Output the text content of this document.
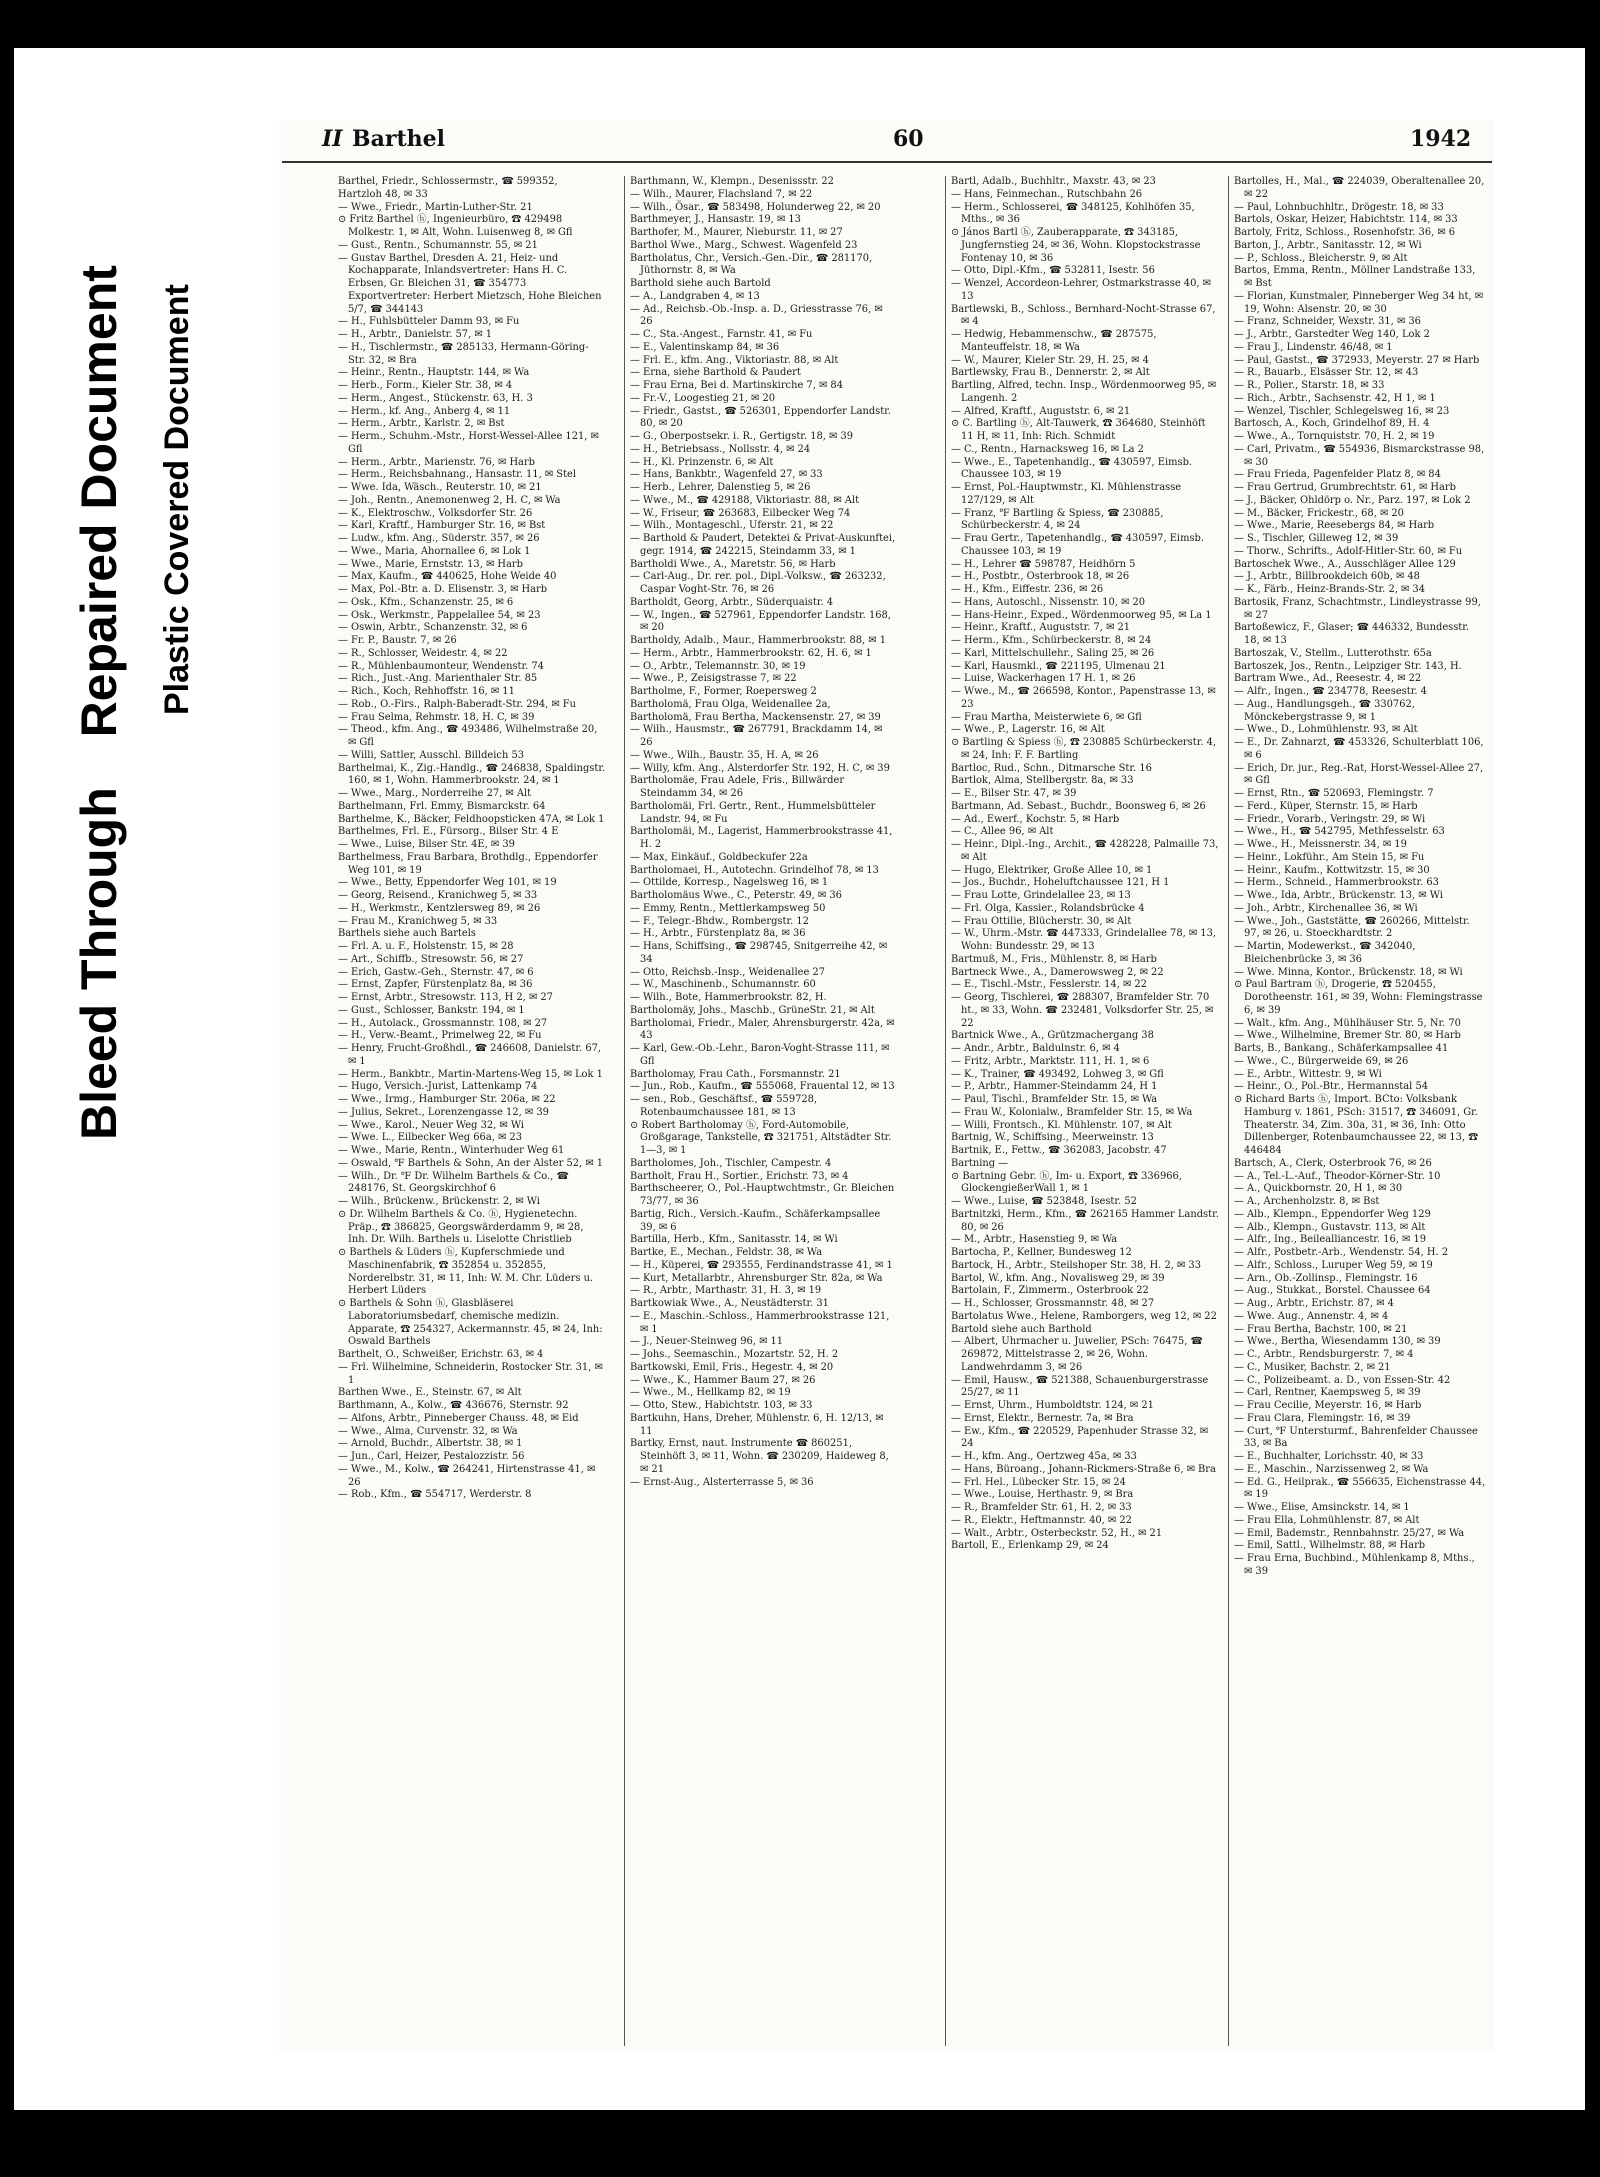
Bleed Through  Repaired Document Plastic Covered Document
II Barthel	60	1942

Barthel, Friedr., Schlossermstr., ☎ 599352,

Hartzloh 48, ✉ 33

— Wwe., Friedr., Martin-Luther-Str. 21

⊙ Fritz Barthel ⓗ, Ingenieurbüro, ☎ 429498 Molkestr. 1, ✉ Alt, Wohn. Luisenweg 8, ✉ Gfl

— Gust., Rentn., Schumannstr. 55, ✉ 21

— Gustav Barthel, Dresden A. 21, Heiz- und Kochapparate, Inlandsvertreter: Hans H. C. Erbsen, Gr. Bleichen 31, ☎ 354773 Exportvertreter: Herbert Mietzsch, Hohe Bleichen 5/7, ☎ 344143

— H., Fuhlsbütteler Damm 93, ✉ Fu

— H., Arbtr., Danielstr. 57, ✉ 1

— H., Tischlermstr., ☎ 285133, Hermann-Göring-Str. 32, ✉ Bra

— Heinr., Rentn., Hauptstr. 144, ✉ Wa

— Herb., Form., Kieler Str. 38, ✉ 4

— Herm., Angest., Stückenstr. 63, H. 3

— Herm., kf. Ang., Anberg 4, ✉ 11

— Herm., Arbtr., Karlstr. 2, ✉ Bst

— Herm., Schuhm.-Mstr., Horst-Wessel-Allee 121, ✉ Gfl

— Herm., Arbtr., Marienstr. 76, ✉ Harb

— Herm., Reichsbahnang., Hansastr. 11, ✉ Stel

— Wwe. Ida, Wäsch., Reuterstr. 10, ✉ 21

— Joh., Rentn., Anemonenweg 2, H. C, ✉ Wa

— K., Elektroschw., Volksdorfer Str. 26

— Karl, Kraftf., Hamburger Str. 16, ✉ Bst

— Ludw., kfm. Ang., Süderstr. 357, ✉ 26

— Wwe., Maria, Ahornallee 6, ✉ Lok 1

— Wwe., Marie, Ernststr. 13, ✉ Harb

— Max, Kaufm., ☎ 440625, Hohe Weide 40

— Max, Pol.-Btr. a. D. Elisenstr. 3, ✉ Harb

— Osk., Kfm., Schanzenstr. 25, ✉ 6

— Osk., Werkmstr., Pappelallee 54, ✉ 23

— Oswin, Arbtr., Schanzenstr. 32, ✉ 6

— Fr. P., Baustr. 7, ✉ 26

— R., Schlosser, Weidestr. 4, ✉ 22

— R., Mühlenbaumonteur, Wendenstr. 74

— Rich., Just.-Ang. Marienthaler Str. 85

— Rich., Koch, Rehhoffstr. 16, ✉ 11

— Rob., O.-Firs., Ralph-Baberadt-Str. 294, ✉ Fu

— Frau Selma, Rehmstr. 18, H. C, ✉ 39

— Theod., kfm. Ang., ☎ 493486, Wilhelmstraße 20, ✉ Gfl

— Willi, Sattler, Ausschl. Billdeich 53

Barthelmai, K., Zig.-Handlg., ☎ 246838, Spaldingstr. 160, ✉ 1, Wohn. Hammerbrookstr. 24, ✉ 1

— Wwe., Marg., Norderreihe 27, ✉ Alt

Barthelmann, Frl. Emmy, Bismarckstr. 64

Barthelme, K., Bäcker, Feldhoopsticken 47A, ✉ Lok 1

Barthelmes, Frl. E., Fürsorg., Bilser Str. 4 E

— Wwe., Luise, Bilser Str. 4E, ✉ 39

Barthelmess, Frau Barbara, Brothdlg., Eppendorfer Weg 101, ✉ 19

— Wwe., Betty, Eppendorfer Weg 101, ✉ 19

— Georg, Reisend., Kranichweg 5, ✉ 33

— H., Werkmstr., Kentzlersweg 89, ✉ 26

— Frau M., Kranichweg 5, ✉ 33

Barthels siehe auch Bartels

— Frl. A. u. F., Holstenstr. 15, ✉ 28

— Art., Schiffb., Stresowstr. 56, ✉ 27

— Erich, Gastw.-Geh., Sternstr. 47, ✉ 6

— Ernst, Zapfer, Fürstenplatz 8a, ✉ 36

— Ernst, Arbtr., Stresowstr. 113, H 2, ✉ 27

— Gust., Schlosser, Bankstr. 194, ✉ 1

— H., Autolack., Grossmannstr. 108, ✉ 27

— H., Verw.-Beamt., Primelweg 22, ✉ Fu

— Henry, Frucht-Großhdl., ☎ 246608, Danielstr. 67, ✉ 1

— Herm., Bankbtr., Martin-Martens-Weg 15, ✉ Lok 1

— Hugo, Versich.-Jurist, Lattenkamp 74

— Wwe., Irmg., Hamburger Str. 206a, ✉ 22

— Julius, Sekret., Lorenzengasse 12, ✉ 39

— Wwe., Karol., Neuer Weg 32, ✉ Wi

— Wwe. L., Eilbecker Weg 66a, ✉ 23

— Wwe., Marie, Rentn., Winterhuder Weg 61

— Oswald, ℉ Barthels & Sohn, An der Alster 52, ✉ 1

— Wilh., Dr. ℉ Dr. Wilhelm Barthels & Co., ☎ 248176, St. Georgskirchhof 6

— Wilh., Brückenw., Brückenstr. 2, ✉ Wi

⊙ Dr. Wilhelm Barthels & Co. ⓗ, Hygienetechn. Präp., ☎ 386825, Georgswärderdamm 9, ✉ 28, Inh. Dr. Wilh. Barthels u. Liselotte Christlieb

⊙ Barthels & Lüders ⓗ, Kupferschmiede und Maschinenfabrik, ☎ 352854 u. 352855, Norderelbstr. 31, ✉ 11, Inh: W. M. Chr. Lüders u. Herbert Lüders

⊙ Barthels & Sohn ⓗ, Glasbläserei Laboratoriumsbedarf, chemische medizin. Apparate, ☎ 254327, Ackermannstr. 45, ✉ 24, Inh: Oswald Barthels

Barthelt, O., Schweißer, Erichstr. 63, ✉ 4

— Frl. Wilhelmine, Schneiderin, Rostocker Str. 31, ✉ 1

Barthen Wwe., E., Steinstr. 67, ✉ Alt

Barthmann, A., Kolw., ☎ 436676, Sternstr. 92

— Alfons, Arbtr., Pinneberger Chauss. 48, ✉ Eid

— Wwe., Alma, Curvenstr. 32, ✉ Wa

— Arnold, Buchdr., Albertstr. 38, ✉ 1

— Jun., Carl, Heizer, Pestalozzistr. 56

— Wwe., M., Kolw., ☎ 264241, Hirtenstrasse 41, ✉ 26

— Rob., Kfm., ☎ 554717, Werderstr. 8

Barthmann, W., Klempn., Desenissstr. 22

— Wilh., Maurer, Flachsland 7, ✉ 22

— Wilh., Ösar., ☎ 583498, Holunderweg 22, ✉ 20

Barthmeyer, J., Hansastr. 19, ✉ 13

Barthofer, M., Maurer, Nieburstr. 11, ✉ 27

Barthol Wwe., Marg., Schwest. Wagenfeld 23

Bartholatus, Chr., Versich.-Gen.-Dir., ☎ 281170, Jüthornstr. 8, ✉ Wa

Barthold siehe auch Bartold

— A., Landgraben 4, ✉ 13

— Ad., Reichsb.-Ob.-Insp. a. D., Griesstrasse 76, ✉ 26

— C., Sta.-Angest., Farnstr. 41, ✉ Fu

— E., Valentinskamp 84, ✉ 36

— Frl. E., kfm. Ang., Viktoriastr. 88, ✉ Alt

— Erna, siehe Barthold & Paudert

— Frau Erna, Bei d. Martinskirche 7, ✉ 84

— Fr.-V., Loogestieg 21, ✉ 20

— Friedr., Gastst., ☎ 526301, Eppendorfer Landstr. 80, ✉ 20

— G., Oberpostsekr. i. R., Gertigstr. 18, ✉ 39

— H., Betriebsass., Nollsstr. 4, ✉ 24

— H., Kl. Prinzenstr. 6, ✉ Alt

— Hans, Bankbtr., Wagenfeld 27, ✉ 33

— Herb., Lehrer, Dalenstieg 5, ✉ 26

— Wwe., M., ☎ 429188, Viktoriastr. 88, ✉ Alt

— W., Friseur, ☎ 263683, Eilbecker Weg 74

— Wilh., Montageschl., Uferstr. 21, ✉ 22

— Barthold & Paudert, Detektei & Privat-Auskunftei, gegr. 1914, ☎ 242215, Steindamm 33, ✉ 1

Bartholdi Wwe., A., Maretstr. 56, ✉ Harb

— Carl-Aug., Dr. rer. pol., Dipl.-Volksw., ☎ 263232, Caspar Voght-Str. 76, ✉ 26

Bartholdt, Georg, Arbtr., Süderquaistr. 4

— W., Ingen., ☎ 527961, Eppendorfer Landstr. 168, ✉ 20

Bartholdy, Adalb., Maur., Hammerbrookstr. 88, ✉ 1

— Herm., Arbtr., Hammerbrookstr. 62, H. 6, ✉ 1

— O., Arbtr., Telemannstr. 30, ✉ 19

— Wwe., P., Zeisigstrasse 7, ✉ 22

Bartholme, F., Former, Roepersweg 2

Bartholomä, Frau Olga, Weidenallee 2a,

Bartholomä, Frau Bertha, Mackensenstr. 27, ✉ 39

— Wilh., Hausmstr., ☎ 267791, Brackdamm 14, ✉ 26

— Wwe., Wilh., Baustr. 35, H. A, ✉ 26

— Willy, kfm. Ang., Alsterdorfer Str. 192, H. C, ✉ 39

Bartholomäe, Frau Adele, Fris., Billwärder Steindamm 34, ✉ 26

Bartholomäi, Frl. Gertr., Rent., Hummelsbütteler Landstr. 94, ✉ Fu

Bartholomäi, M., Lagerist, Hammerbrookstrasse 41, H. 2

— Max, Einkäuf., Goldbeckufer 22a

Bartholomaei, H., Autotechn. Grindelhof 78, ✉ 13

— Ottilde, Korresp., Nagelsweg 16, ✉ 1

Bartholomäus Wwe., C., Peterstr. 49, ✉ 36

— Emmy, Rentn., Mettlerkampsweg 50

— F., Telegr.-Bhdw., Rombergstr. 12

— H., Arbtr., Fürstenplatz 8a, ✉ 36

— Hans, Schiffsing., ☎ 298745, Snitgerreihe 42, ✉ 34

— Otto, Reichsb.-Insp., Weidenallee 27

— W., Maschinenb., Schumannstr. 60

— Wilh., Bote, Hammerbrookstr. 82, H.

Bartholomäy, Johs., Maschb., GrüneStr. 21, ✉ Alt

Bartholomai, Friedr., Maler, Ahrensburgerstr. 42a, ✉ 43

— Karl, Gew.-Ob.-Lehr., Baron-Voght-Strasse 111, ✉ Gfl

Bartholomay, Frau Cath., Forsmannstr. 21

— Jun., Rob., Kaufm., ☎ 555068, Frauental 12, ✉ 13

— sen., Rob., Geschäftsf., ☎ 559728, Rotenbaumchaussee 181, ✉ 13

⊙ Robert Bartholomay ⓗ, Ford-Automobile, Großgarage, Tankstelle, ☎ 321751, Altstädter Str. 1—3, ✉ 1

Bartholomes, Joh., Tischler, Campestr. 4

Bartholt, Frau H., Sortier., Erichstr. 73, ✉ 4

Barthscheerer, O., Pol.-Hauptwchtmstr., Gr. Bleichen 73/77, ✉ 36

Bartig, Rich., Versich.-Kaufm., Schäferkampsallee 39, ✉ 6

Bartilla, Herb., Kfm., Sanitasstr. 14, ✉ Wi

Bartke, E., Mechan., Feldstr. 38, ✉ Wa

— H., Küperei, ☎ 293555, Ferdinandstrasse 41, ✉ 1

— Kurt, Metallarbtr., Ahrensburger Str. 82a, ✉ Wa

— R., Arbtr., Marthastr. 31, H. 3, ✉ 19

Bartkowiak Wwe., A., Neustädterstr. 31

— E., Maschin.-Schloss., Hammerbrookstrasse 121, ✉ 1

— J., Neuer-Steinweg 96, ✉ 11

— Johs., Seemaschin., Mozartstr. 52, H. 2

Bartkowski, Emil, Fris., Hegestr. 4, ✉ 20

— Wwe., K., Hammer Baum 27, ✉ 26

— Wwe., M., Hellkamp 82, ✉ 19

— Otto, Stew., Habichtstr. 103, ✉ 33

Bartkuhn, Hans, Dreher, Mühlenstr. 6, H. 12/13, ✉ 11

Bartky, Ernst, naut. Instrumente ☎ 860251, Steinhöft 3, ✉ 11, Wohn. ☎ 230209, Haideweg 8, ✉ 21

— Ernst-Aug., Alsterterrasse 5, ✉ 36

Bartl, Adalb., Buchhltr., Maxstr. 43, ✉ 23

— Hans, Feinmechan., Rutschbahn 26

— Herm., Schlosserei, ☎ 348125, Kohlhöfen 35, Mths., ✉ 36

⊙ János Bartl ⓗ, Zauberapparate, ☎ 343185, Jungfernstieg 24, ✉ 36, Wohn. Klopstockstrasse Fontenay 10, ✉ 36

— Otto, Dipl.-Kfm., ☎ 532811, Isestr. 56

— Wenzel, Accordeon-Lehrer, Ostmarkstrasse 40, ✉ 13

Bartlewski, B., Schloss., Bernhard-Nocht-Strasse 67, ✉ 4

— Hedwig, Hebammenschw., ☎ 287575, Manteuffelstr. 18, ✉ Wa

— W., Maurer, Kieler Str. 29, H. 25, ✉ 4

Bartlewsky, Frau B., Dennerstr. 2, ✉ Alt

Bartling, Alfred, techn. Insp., Wördenmoorweg 95, ✉ Langenh. 2

— Alfred, Kraftf., Auguststr. 6, ✉ 21

⊙ C. Bartling ⓗ, Alt-Tauwerk, ☎ 364680, Steinhöft 11 H, ✉ 11, Inh: Rich. Schmidt

— C., Rentn., Harnacksweg 16, ✉ La 2

— Wwe., E., Tapetenhandlg., ☎ 430597, Eimsb. Chaussee 103, ✉ 19

— Ernst, Pol.-Hauptwmstr., Kl. Mühlenstrasse 127/129, ✉ Alt

— Franz, ℉ Bartling & Spiess, ☎ 230885, Schürbeckerstr. 4, ✉ 24

— Frau Gertr., Tapetenhandlg., ☎ 430597, Eimsb. Chaussee 103, ✉ 19

— H., Lehrer ☎ 598787, Heidhörn 5

— H., Postbtr., Osterbrook 18, ✉ 26

— H., Kfm., Eiffestr. 236, ✉ 26

— Hans, Autoschl., Nissenstr. 10, ✉ 20

— Hans-Heinr., Exped., Wördenmoorweg 95, ✉ La 1

— Heinr., Kraftf., Auguststr. 7, ✉ 21

— Herm., Kfm., Schürbeckerstr. 8, ✉ 24

— Karl, Mittelschullehr., Saling 25, ✉ 26

— Karl, Hausmkl., ☎ 221195, Ulmenau 21

— Luise, Wackerhagen 17 H. 1, ✉ 26

— Wwe., M., ☎ 266598, Kontor., Papenstrasse 13, ✉ 23

— Frau Martha, Meisterwiete 6, ✉ Gfl

— Wwe., P., Lagerstr. 16, ✉ Alt

⊙ Bartling & Spiess ⓗ, ☎ 230885 Schürbeckerstr. 4, ✉ 24, Inh: F. F. Bartling

Bartloc, Rud., Schn., Ditmarsche Str. 16

Bartlok, Alma, Stellbergstr. 8a, ✉ 33

— E., Bilser Str. 47, ✉ 39

Bartmann, Ad. Sebast., Buchdr., Boonsweg 6, ✉ 26

— Ad., Ewerf., Kochstr. 5, ✉ Harb

— C., Allee 96, ✉ Alt

— Heinr., Dipl.-Ing., Archit., ☎ 428228, Palmaille 73, ✉ Alt

— Hugo, Elektriker, Große Allee 10, ✉ 1

— Jos., Buchdr., Hoheluftchaussee 121, H 1

— Frau Lotte, Grindelallee 23, ✉ 13

— Frl. Olga, Kassier., Rolandsbrücke 4

— Frau Ottilie, Blücherstr. 30, ✉ Alt

— W., Uhrm.-Mstr. ☎ 447333, Grindelallee 78, ✉ 13, Wohn: Bundesstr. 29, ✉ 13

Bartmuß, M., Fris., Mühlenstr. 8, ✉ Harb

Bartneck Wwe., A., Damerowsweg 2, ✉ 22

— E., Tischl.-Mstr., Fesslerstr. 14, ✉ 22

— Georg, Tischlerei, ☎ 288307, Bramfelder Str. 70 ht., ✉ 33, Wohn. ☎ 232481, Volksdorfer Str. 25, ✉ 22

Bartnick Wwe., A., Grützmachergang 38

— Andr., Arbtr., Baldulnstr. 6, ✉ 4

— Fritz, Arbtr., Marktstr. 111, H. 1, ✉ 6

— K., Trainer, ☎ 493492, Lohweg 3, ✉ Gfl

— P., Arbtr., Hammer-Steindamm 24, H 1

— Paul, Tischl., Bramfelder Str. 15, ✉ Wa

— Frau W., Kolonialw., Bramfelder Str. 15, ✉ Wa

— Willi, Frontsch., Kl. Mühlenstr. 107, ✉ Alt

Bartnig, W., Schiffsing., Meerweinstr. 13

Bartnik, E., Fettw., ☎ 362083, Jacobstr. 47

Bartning —

⊙ Bartning Gebr. ⓗ, Im- u. Export, ☎ 336966, GlockengießerWall 1, ✉ 1

— Wwe., Luise, ☎ 523848, Isestr. 52

Bartnitzki, Herm., Kfm., ☎ 262165 Hammer Landstr. 80, ✉ 26

— M., Arbtr., Hasenstieg 9, ✉ Wa

Bartocha, P., Kellner, Bundesweg 12

Bartock, H., Arbtr., Steilshoper Str. 38, H. 2, ✉ 33

Bartol, W., kfm. Ang., Novalisweg 29, ✉ 39

Bartolain, F., Zimmerm., Osterbrook 22

— H., Schlosser, Grossmannstr. 48, ✉ 27

Bartolatus Wwe., Helene, Ramborgers, weg 12, ✉ 22

Bartold siehe auch Barthold

— Albert, Uhrmacher u. Juwelier, PSch: 76475, ☎ 269872, Mittelstrasse 2, ✉ 26, Wohn. Landwehrdamm 3, ✉ 26

— Emil, Hausw., ☎ 521388, Schauenburgerstrasse 25/27, ✉ 11

— Ernst, Uhrm., Humboldtstr. 124, ✉ 21

— Ernst, Elektr., Bernestr. 7a, ✉ Bra

— Ew., Kfm., ☎ 220529, Papenhuder Strasse 32, ✉ 24

— H., kfm. Ang., Oertzweg 45a, ✉ 33

— Hans, Büroang., Johann-Rickmers-Straße 6, ✉ Bra

— Frl. Hel., Lübecker Str. 15, ✉ 24

— Wwe., Louise, Herthastr. 9, ✉ Bra

— R., Bramfelder Str. 61, H. 2, ✉ 33

— R., Elektr., Heftmannstr. 40, ✉ 22

— Walt., Arbtr., Osterbeckstr. 52, H., ✉ 21

Bartoll, E., Erlenkamp 29, ✉ 24

Bartolles, H., Mal., ☎ 224039, Oberaltenallee 20, ✉ 22

— Paul, Lohnbuchhltr., Drögestr. 18, ✉ 33

Bartols, Oskar, Heizer, Habichtstr. 114, ✉ 33

Bartoly, Fritz, Schloss., Rosenhofstr. 36, ✉ 6

Barton, J., Arbtr., Sanitasstr. 12, ✉ Wi

— P., Schloss., Bleicherstr. 9, ✉ Alt

Bartos, Emma, Rentn., Möllner Landstraße 133, ✉ Bst

— Florian, Kunstmaler, Pinneberger Weg 34 ht, ✉ 19, Wohn: Alsenstr. 20, ✉ 30

— Franz, Schneider, Wexstr. 31, ✉ 36

— J., Arbtr., Garstedter Weg 140, Lok 2

— Frau J., Lindenstr. 46/48, ✉ 1

— Paul, Gastst., ☎ 372933, Meyerstr. 27 ✉ Harb

— R., Bauarb., Elsässer Str. 12, ✉ 43

— R., Polier., Starstr. 18, ✉ 33

— Rich., Arbtr., Sachsenstr. 42, H 1, ✉ 1

— Wenzel, Tischler, Schlegelsweg 16, ✉ 23

Bartosch, A., Koch, Grindelhof 89, H. 4

— Wwe., A., Tornquiststr. 70, H. 2, ✉ 19

— Carl, Privatm., ☎ 554936, Bismarckstrasse 98, ✉ 30

— Frau Frieda, Pagenfelder Platz 8, ✉ 84

— Frau Gertrud, Grumbrechtstr. 61, ✉ Harb

— J., Bäcker, Ohldörp o. Nr., Parz. 197, ✉ Lok 2

— M., Bäcker, Frickestr., 68, ✉ 20

— Wwe., Marie, Reesebergs 84, ✉ Harb

— S., Tischler, Gilleweg 12, ✉ 39

— Thorw., Schrifts., Adolf-Hitler-Str. 60, ✉ Fu

Bartoschek Wwe., A., Ausschläger Allee 129

— J., Arbtr., Billbrookdeich 60b, ✉ 48

— K., Färb., Heinz-Brands-Str. 2, ✉ 34

Bartosik, Franz, Schachtmstr., Lindleystrasse 99, ✉ 27

Bartoßewicz, F., Glaser; ☎ 446332, Bundesstr. 18, ✉ 13

Bartoszak, V., Stellm., Lutterothstr. 65a

Bartoszek, Jos., Rentn., Leipziger Str. 143, H.

Bartram Wwe., Ad., Reesestr. 4, ✉ 22

— Alfr., Ingen., ☎ 234778, Reesestr. 4

— Aug., Handlungsgeh., ☎ 330762, Mönckebergstrasse 9, ✉ 1

— Wwe., D., Lohmühlenstr. 93, ✉ Alt

— E., Dr. Zahnarzt, ☎ 453326, Schulterblatt 106, ✉ 6

— Erich, Dr. jur., Reg.-Rat, Horst-Wessel-Allee 27, ✉ Gfl

— Ernst, Rtn., ☎ 520693, Flemingstr. 7

— Ferd., Küper, Sternstr. 15, ✉ Harb

— Friedr., Vorarb., Veringstr. 29, ✉ Wi

— Wwe., H., ☎ 542795, Methfesselstr. 63

— Wwe., H., Meissnerstr. 34, ✉ 19

— Heinr., Lokführ., Am Stein 15, ✉ Fu

— Heinr., Kaufm., Kottwitzstr. 15, ✉ 30

— Herm., Schneid., Hammerbrookstr. 63

— Wwe., Ida, Arbtr., Brückenstr. 13, ✉ Wi

— Joh., Arbtr., Kirchenallee 36, ✉ Wi

— Wwe., Joh., Gaststätte, ☎ 260266, Mittelstr. 97, ✉ 26, u. Stoeckhardtstr. 2

— Martin, Modewerkst., ☎ 342040, Bleichenbrücke 3, ✉ 36

— Wwe. Minna, Kontor., Brückenstr. 18, ✉ Wi

⊙ Paul Bartram ⓗ, Drogerie, ☎ 520455, Dorotheenstr. 161, ✉ 39, Wohn: Flemingstrasse 6, ✉ 39

— Walt., kfm. Ang., Mühlhäuser Str. 5, Nr. 70

— Wwe., Wilhelmine, Bremer Str. 80, ✉ Harb

Barts, B., Bankang., Schäferkampsallee 41

— Wwe., C., Bürgerweide 69, ✉ 26

— E., Arbtr., Wittestr. 9, ✉ Wi

— Heinr., O., Pol.-Btr., Hermannstal 54

⊙ Richard Barts ⓗ, Import. BCto: Volksbank Hamburg v. 1861, PSch: 31517, ☎ 346091, Gr. Theaterstr. 34, Zim. 30a, 31, ✉ 36, Inh: Otto Dillenberger, Rotenbaumchaussee 22, ✉ 13, ☎ 446484

Bartsch, A., Clerk, Osterbrook 76, ✉ 26

— A., Tel.-L.-Auf., Theodor-Körner-Str. 10

— A., Quickbornstr. 20, H 1, ✉ 30

— A., Archenholzstr. 8, ✉ Bst

— Alb., Klempn., Eppendorfer Weg 129

— Alb., Klempn., Gustavstr. 113, ✉ Alt

— Alfr., Ing., Beilealliancestr. 16, ✉ 19

— Alfr., Postbetr.-Arb., Wendenstr. 54, H. 2

— Alfr., Schloss., Luruper Weg 59, ✉ 19

— Arn., Ob.-Zollinsp., Flemingstr. 16

— Aug., Stukkat., Borstel. Chaussee 64

— Aug., Arbtr., Erichstr. 87, ✉ 4

— Wwe. Aug., Annenstr. 4, ✉ 4

— Frau Bertha, Bachstr. 100, ✉ 21

— Wwe., Bertha, Wiesendamm 130, ✉ 39

— C., Arbtr., Rendsburgerstr. 7, ✉ 4

— C., Musiker, Bachstr. 2, ✉ 21

— C., Polizeibeamt. a. D., von Essen-Str. 42

— Carl, Rentner, Kaempsweg 5, ✉ 39

— Frau Cecilie, Meyerstr. 16, ✉ Harb

— Frau Clara, Flemingstr. 16, ✉ 39

— Curt, ℉ Untersturmf., Bahrenfelder Chaussee 33, ✉ Ba

— E., Buchhalter, Lorichsstr. 40, ✉ 33

— E., Maschin., Narzissenweg 2, ✉ Wa

— Ed. G., Heilprak., ☎ 556635, Eichenstrasse 44, ✉ 19

— Wwe., Elise, Amsinckstr. 14, ✉ 1

— Frau Ella, Lohmühlenstr. 87, ✉ Alt

— Emil, Bademstr., Rennbahnstr. 25/27, ✉ Wa

— Emil, Sattl., Wilhelmstr. 88, ✉ Harb

— Frau Erna, Buchbind., Mühlenkamp 8, Mths., ✉ 39
